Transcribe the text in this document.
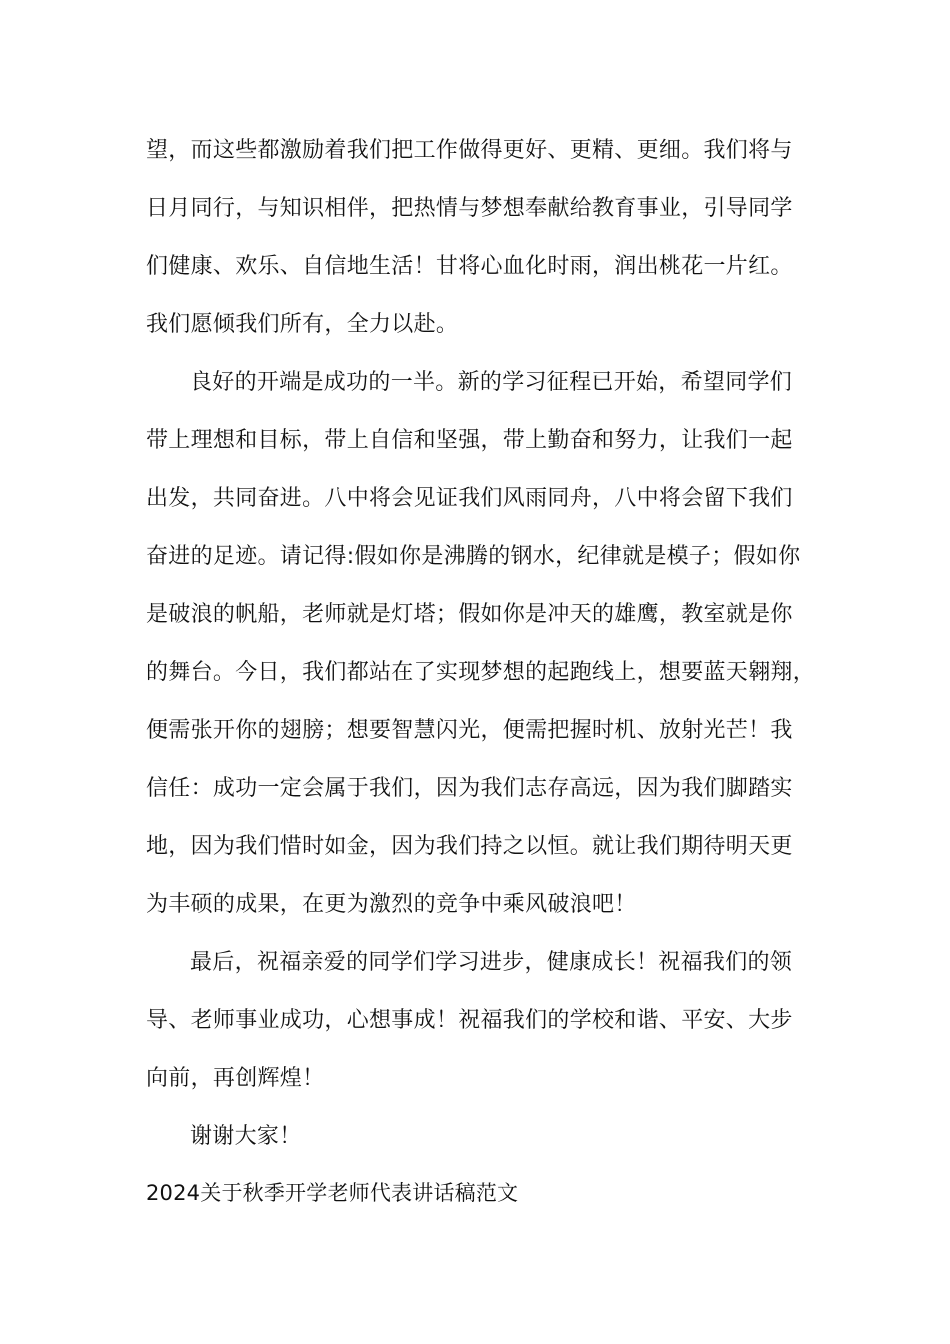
望，而这些都激励着我们把工作做得更好、更精、更细。我们将与
日月同行，与知识相伴，把热情与梦想奉献给教育事业，引导同学
们健康、欢乐、自信地生活！甘将心血化时雨，润出桃花一片红。
我们愿倾我们所有，全力以赴。
良好的开端是成功的一半。新的学习征程已开始，希望同学们
带上理想和目标，带上自信和坚强，带上勤奋和努力，让我们一起
出发，共同奋进。八中将会见证我们风雨同舟，八中将会留下我们
奋进的足迹。请记得:假如你是沸腾的钢水，纪律就是模子；假如你
是破浪的帆船，老师就是灯塔；假如你是冲天的雄鹰，教室就是你
的舞台。今日，我们都站在了实现梦想的起跑线上，想要蓝天翱翔，
便需张开你的翅膀；想要智慧闪光，便需把握时机、放射光芒！我
信任：成功一定会属于我们，因为我们志存高远，因为我们脚踏实
地，因为我们惜时如金，因为我们持之以恒。就让我们期待明天更
为丰硕的成果，在更为激烈的竞争中乘风破浪吧！
最后，祝福亲爱的同学们学习进步，健康成长！祝福我们的领
导、老师事业成功，心想事成！祝福我们的学校和谐、平安、大步
向前，再创辉煌！
谢谢大家！
2024关于秋季开学老师代表讲话稿范文
